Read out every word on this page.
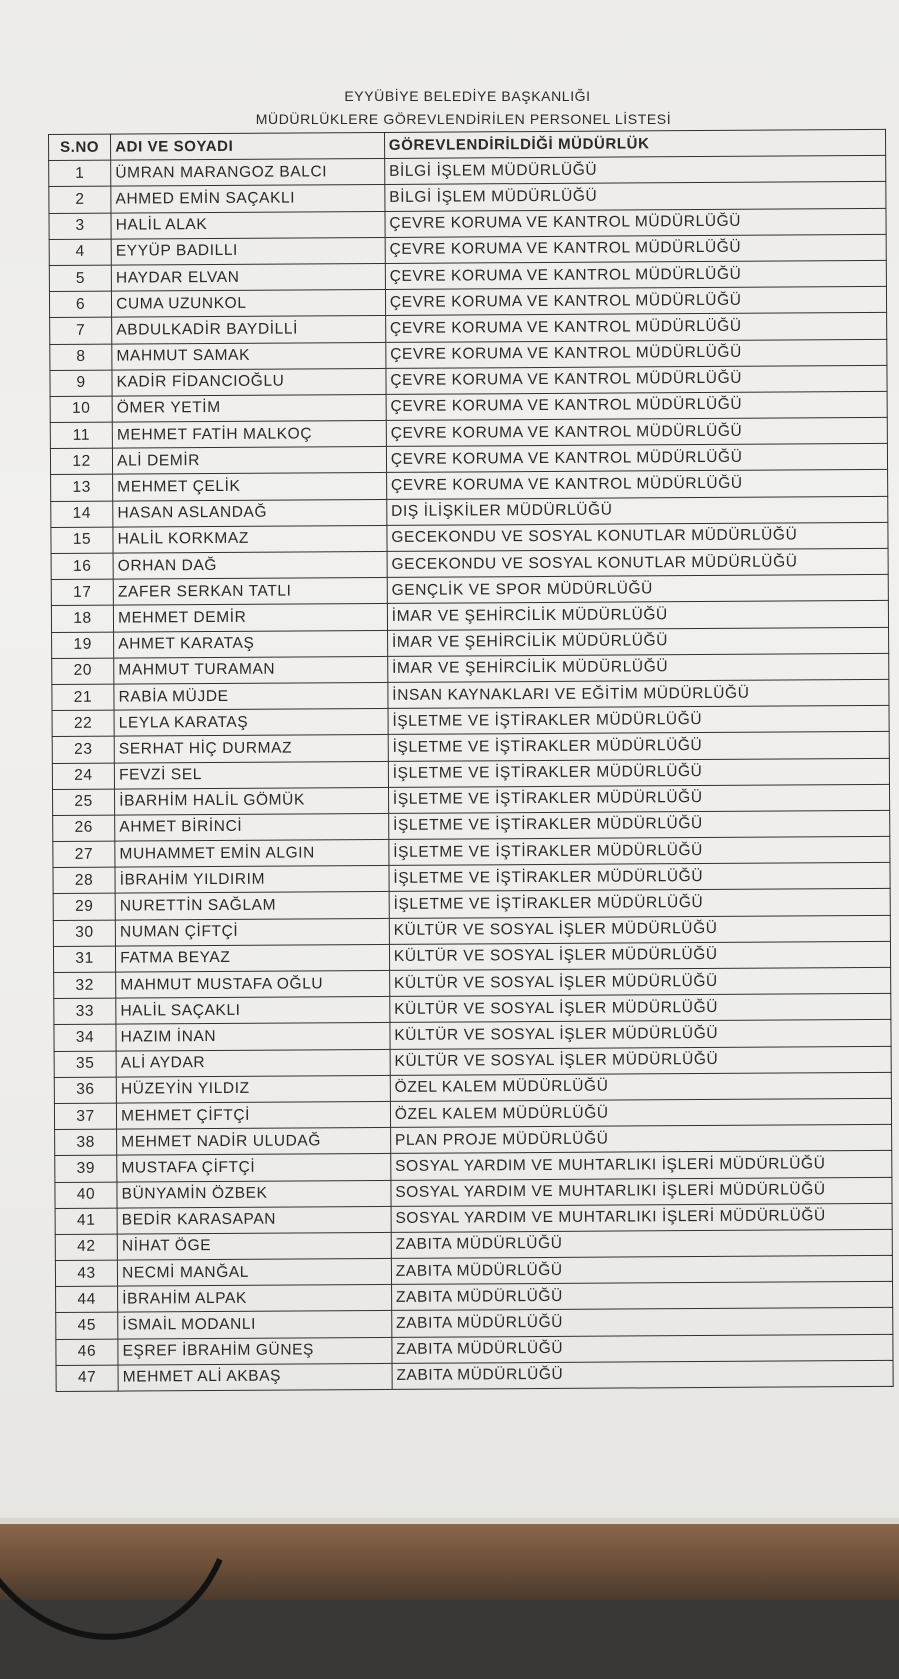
EYYÜBİYE BELEDİYE BAŞKANLIĞI
MÜDÜRLÜKLERE GÖREVLENDİRİLEN PERSONEL LİSTESİ
S.NO	ADI VE SOYADI	GÖREVLENDİRİLDİĞİ MÜDÜRLÜK
1	ÜMRAN MARANGOZ BALCI	BİLGİ İŞLEM MÜDÜRLÜĞÜ
2	AHMED EMİN SAÇAKLI	BİLGİ İŞLEM MÜDÜRLÜĞÜ
3	HALİL ALAK	ÇEVRE KORUMA VE KANTROL MÜDÜRLÜĞÜ
4	EYYÜP BADILLI	ÇEVRE KORUMA VE KANTROL MÜDÜRLÜĞÜ
5	HAYDAR ELVAN	ÇEVRE KORUMA VE KANTROL MÜDÜRLÜĞÜ
6	CUMA UZUNKOL	ÇEVRE KORUMA VE KANTROL MÜDÜRLÜĞÜ
7	ABDULKADİR BAYDİLLİ	ÇEVRE KORUMA VE KANTROL MÜDÜRLÜĞÜ
8	MAHMUT SAMAK	ÇEVRE KORUMA VE KANTROL MÜDÜRLÜĞÜ
9	KADİR FİDANCIOĞLU	ÇEVRE KORUMA VE KANTROL MÜDÜRLÜĞÜ
10	ÖMER YETİM	ÇEVRE KORUMA VE KANTROL MÜDÜRLÜĞÜ
11	MEHMET FATİH MALKOÇ	ÇEVRE KORUMA VE KANTROL MÜDÜRLÜĞÜ
12	ALİ DEMİR	ÇEVRE KORUMA VE KANTROL MÜDÜRLÜĞÜ
13	MEHMET ÇELİK	ÇEVRE KORUMA VE KANTROL MÜDÜRLÜĞÜ
14	HASAN ASLANDAĞ	DIŞ İLİŞKİLER MÜDÜRLÜĞÜ
15	HALİL KORKMAZ	GECEKONDU VE SOSYAL KONUTLAR MÜDÜRLÜĞÜ
16	ORHAN DAĞ	GECEKONDU VE SOSYAL KONUTLAR MÜDÜRLÜĞÜ
17	ZAFER SERKAN TATLI	GENÇLİK VE SPOR MÜDÜRLÜĞÜ
18	MEHMET DEMİR	İMAR VE ŞEHİRCİLİK MÜDÜRLÜĞÜ
19	AHMET KARATAŞ	İMAR VE ŞEHİRCİLİK MÜDÜRLÜĞÜ
20	MAHMUT TURAMAN	İMAR VE ŞEHİRCİLİK MÜDÜRLÜĞÜ
21	RABİA MÜJDE	İNSAN KAYNAKLARI VE EĞİTİM MÜDÜRLÜĞÜ
22	LEYLA KARATAŞ	İŞLETME VE İŞTİRAKLER MÜDÜRLÜĞÜ
23	SERHAT HİÇ DURMAZ	İŞLETME VE İŞTİRAKLER MÜDÜRLÜĞÜ
24	FEVZİ SEL	İŞLETME VE İŞTİRAKLER MÜDÜRLÜĞÜ
25	İBARHİM HALİL GÖMÜK	İŞLETME VE İŞTİRAKLER MÜDÜRLÜĞÜ
26	AHMET BİRİNCİ	İŞLETME VE İŞTİRAKLER MÜDÜRLÜĞÜ
27	MUHAMMET EMİN ALGIN	İŞLETME VE İŞTİRAKLER MÜDÜRLÜĞÜ
28	İBRAHİM YILDIRIM	İŞLETME VE İŞTİRAKLER MÜDÜRLÜĞÜ
29	NURETTİN SAĞLAM	İŞLETME VE İŞTİRAKLER MÜDÜRLÜĞÜ
30	NUMAN ÇİFTÇİ	KÜLTÜR VE SOSYAL İŞLER MÜDÜRLÜĞÜ
31	FATMA BEYAZ	KÜLTÜR VE SOSYAL İŞLER MÜDÜRLÜĞÜ
32	MAHMUT MUSTAFA OĞLU	KÜLTÜR VE SOSYAL İŞLER MÜDÜRLÜĞÜ
33	HALİL SAÇAKLI	KÜLTÜR VE SOSYAL İŞLER MÜDÜRLÜĞÜ
34	HAZIM İNAN	KÜLTÜR VE SOSYAL İŞLER MÜDÜRLÜĞÜ
35	ALİ AYDAR	KÜLTÜR VE SOSYAL İŞLER MÜDÜRLÜĞÜ
36	HÜZEYİN YILDIZ	ÖZEL KALEM MÜDÜRLÜĞÜ
37	MEHMET ÇİFTÇİ	ÖZEL KALEM MÜDÜRLÜĞÜ
38	MEHMET NADİR ULUDAĞ	PLAN PROJE MÜDÜRLÜĞÜ
39	MUSTAFA ÇİFTÇİ	SOSYAL YARDIM VE MUHTARLIKI İŞLERİ MÜDÜRLÜĞÜ
40	BÜNYAMİN ÖZBEK	SOSYAL YARDIM VE MUHTARLIKI İŞLERİ MÜDÜRLÜĞÜ
41	BEDİR KARASAPAN	SOSYAL YARDIM VE MUHTARLIKI İŞLERİ MÜDÜRLÜĞÜ
42	NİHAT ÖGE	ZABITA MÜDÜRLÜĞÜ
43	NECMİ MANĞAL	ZABITA MÜDÜRLÜĞÜ
44	İBRAHİM ALPAK	ZABITA MÜDÜRLÜĞÜ
45	İSMAİL MODANLI	ZABITA MÜDÜRLÜĞÜ
46	EŞREF İBRAHİM GÜNEŞ	ZABITA MÜDÜRLÜĞÜ
47	MEHMET ALİ AKBAŞ	ZABITA MÜDÜRLÜĞÜ
